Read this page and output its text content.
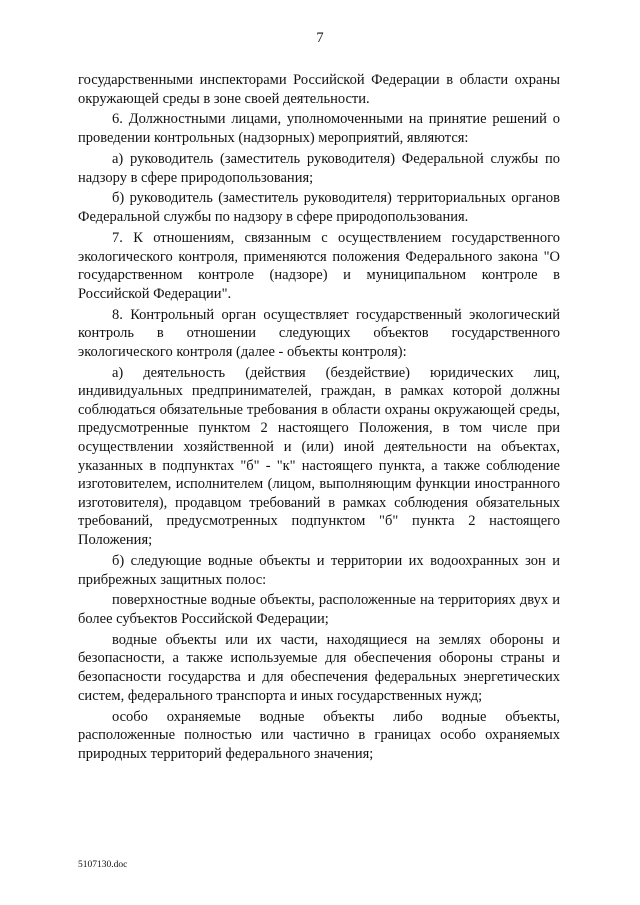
7

государственными инспекторами Российской Федерации в области охраны окружающей среды в зоне своей деятельности.

6. Должностными лицами, уполномоченными на принятие решений о проведении контрольных (надзорных) мероприятий, являются:

а) руководитель (заместитель руководителя) Федеральной службы по надзору в сфере природопользования;

б) руководитель (заместитель руководителя) территориальных органов Федеральной службы по надзору в сфере природопользования.

7. К отношениям, связанным с осуществлением государственного экологического контроля, применяются положения Федерального закона "О государственном контроле (надзоре) и муниципальном контроле в Российской Федерации".

8. Контрольный орган осуществляет государственный экологический контроль в отношении следующих объектов государственного экологического контроля (далее - объекты контроля):

а) деятельность (действия (бездействие) юридических лиц, индивидуальных предпринимателей, граждан, в рамках которой должны соблюдаться обязательные требования в области охраны окружающей среды, предусмотренные пунктом 2 настоящего Положения, в том числе при осуществлении хозяйственной и (или) иной деятельности на объектах, указанных в подпунктах "б" - "к" настоящего пункта, а также соблюдение изготовителем, исполнителем (лицом, выполняющим функции иностранного изготовителя), продавцом требований в рамках соблюдения обязательных требований, предусмотренных подпунктом "б" пункта 2 настоящего Положения;

б) следующие водные объекты и территории их водоохранных зон и прибрежных защитных полос:

поверхностные водные объекты, расположенные на территориях двух и более субъектов Российской Федерации;

водные объекты или их части, находящиеся на землях обороны и безопасности, а также используемые для обеспечения обороны страны и безопасности государства и для обеспечения федеральных энергетических систем, федерального транспорта и иных государственных нужд;

особо охраняемые водные объекты либо водные объекты, расположенные полностью или частично в границах особо охраняемых природных территорий федерального значения;

5107130.doc
